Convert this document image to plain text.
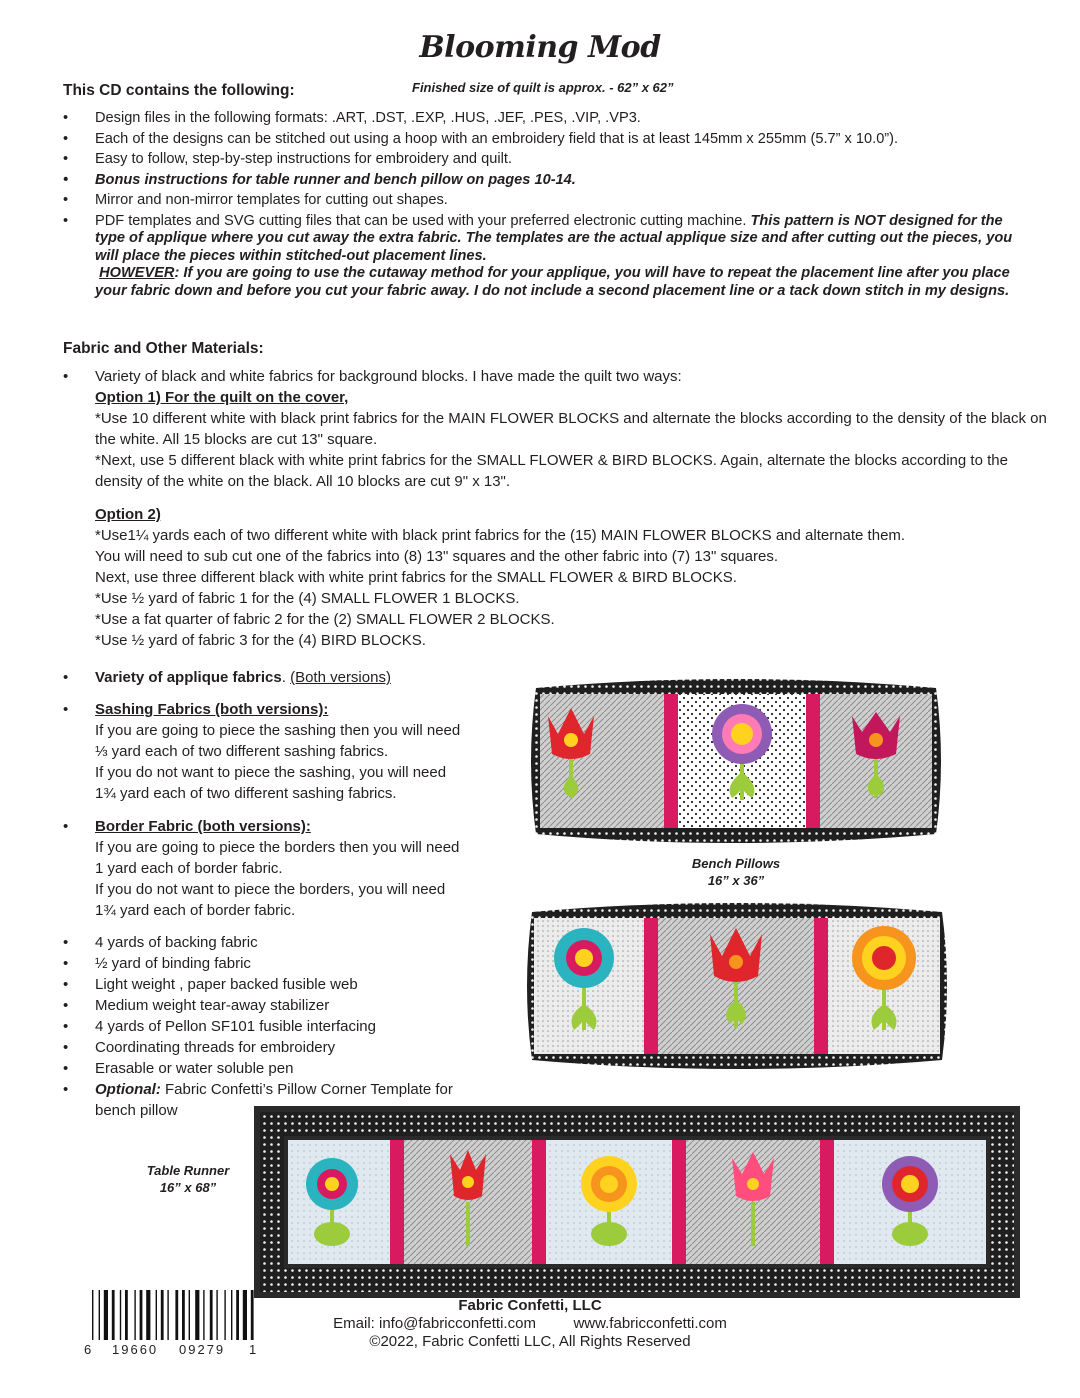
Blooming Mod
Finished size of quilt is approx. - 62” x 62”
This CD contains the following:
• Design files in the following formats: .ART, .DST, .EXP, .HUS, .JEF, .PES, .VIP, .VP3.
• Each of the designs can be stitched out using a hoop with an embroidery field that is at least 145mm x 255mm (5.7” x 10.0”).
• Easy to follow, step-by-step instructions for embroidery and quilt.
• Bonus instructions for table runner and bench pillow on pages 10-14.
• Mirror and non-mirror templates for cutting out shapes.
• PDF templates and SVG cutting files that can be used with your preferred electronic cutting machine. This pattern is NOT designed for the type of applique where you cut away the extra fabric. The templates are the actual applique size and after cutting out the pieces, you will place the pieces within stitched-out placement lines.
HOWEVER: If you are going to use the cutaway method for your applique, you will have to repeat the placement line after you place your fabric down and before you cut your fabric away. I do not include a second placement line or a tack down stitch in my designs.
Fabric and Other Materials:
• Variety of black and white fabrics for background blocks. I have made the quilt two ways:
Option 1) For the quilt on the cover,
*Use 10 different white with black print fabrics for the MAIN FLOWER BLOCKS and alternate the blocks according to the density of the black on the white. All 15 blocks are cut 13" square.
*Next, use 5 different black with white print fabrics for the SMALL FLOWER & BIRD BLOCKS. Again, alternate the blocks according to the density of the white on the black. All 10 blocks are cut 9" x 13".
Option 2)
*Use1¼ yards each of two different white with black print fabrics for the (15) MAIN FLOWER BLOCKS and alternate them.
You will need to sub cut one of the fabrics into (8) 13" squares and the other fabric into (7) 13" squares.
Next, use three different black with white print fabrics for the SMALL FLOWER & BIRD BLOCKS.
*Use ½ yard of fabric 1 for the (4) SMALL FLOWER 1 BLOCKS.
*Use a fat quarter of fabric 2 for the (2) SMALL FLOWER 2 BLOCKS.
*Use ½ yard of fabric 3 for the (4) BIRD BLOCKS.
• Variety of applique fabrics. (Both versions)
• Sashing Fabrics (both versions):
If you are going to piece the sashing then you will need
⅓ yard each of two different sashing fabrics.
If you do not want to piece the sashing, you will need
1¾ yard each of two different sashing fabrics.
• Border Fabric (both versions):
If you are going to piece the borders then you will need
1 yard each of border fabric.
If you do not want to piece the borders, you will need
1¾ yard each of border fabric.
• 4 yards of backing fabric
• ½ yard of binding fabric
• Light weight , paper backed fusible web
• Medium weight tear-away stabilizer
• 4 yards of Pellon SF101 fusible interfacing
• Coordinating threads for embroidery
• Erasable or water soluble pen
• Optional: Fabric Confetti’s Pillow Corner Template for bench pillow
Bench Pillows
16” x 36”
Table Runner
16” x 68”
6 19660 09279 1
Fabric Confetti, LLC
Email: info@fabricconfetti.com	www.fabricconfetti.com
©2022, Fabric Confetti LLC, All Rights Reserved
